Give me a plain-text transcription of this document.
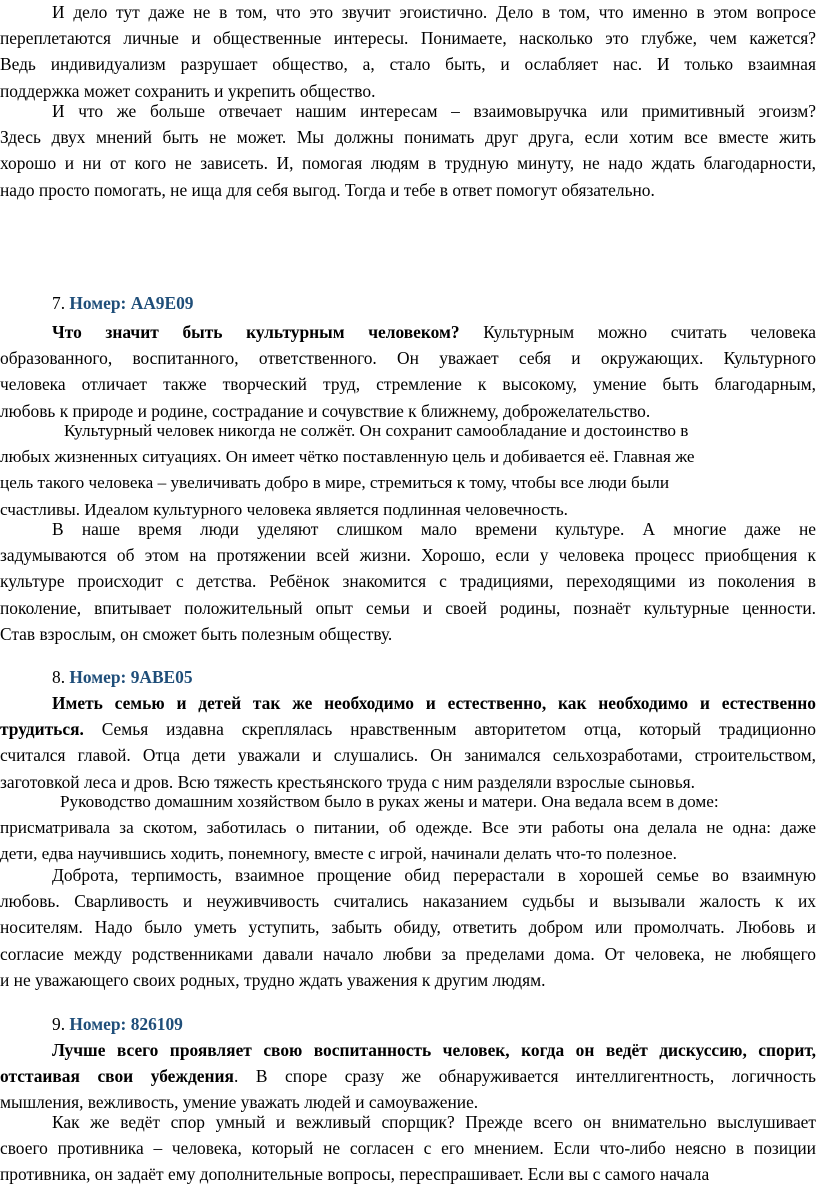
И дело тут даже не в том, что это звучит эгоистично. Дело в том, что именно в этом вопросе
переплетаются личные и общественные интересы. Понимаете, насколько это глубже, чем кажется?
Ведь индивидуализм разрушает общество, а, стало быть, и ослабляет нас. И только взаимная
поддержка может сохранить и укрепить общество.
И что же больше отвечает нашим интересам – взаимовыручка или примитивный эгоизм?
Здесь двух мнений быть не может. Мы должны понимать друг друга, если хотим все вместе жить
хорошо и ни от кого не зависеть. И, помогая людям в трудную минуту, не надо ждать благодарности,
надо просто помогать, не ища для себя выгод. Тогда и тебе в ответ помогут обязательно.
7. Номер: AA9E09
Что значит быть культурным человеком? Культурным можно считать человека
образованного, воспитанного, ответственного. Он уважает себя и окружающих. Культурного
человека отличает также творческий труд, стремление к высокому, умение быть благодарным,
любовь к природе и родине, сострадание и сочувствие к ближнему, доброжелательство.
Культурный человек никогда не солжёт. Он сохранит самообладание и достоинство в
любых жизненных ситуациях. Он имеет чётко поставленную цель и добивается её. Главная же
цель такого человека – увеличивать добро в мире, стремиться к тому, чтобы все люди были
счастливы. Идеалом культурного человека является подлинная человечность.
В наше время люди уделяют слишком мало времени культуре. А многие даже не
задумываются об этом на протяжении всей жизни. Хорошо, если у человека процесс приобщения к
культуре происходит с детства. Ребёнок знакомится с традициями, переходящими из поколения в
поколение, впитывает положительный опыт семьи и своей родины, познаёт культурные ценности.
Став взрослым, он сможет быть полезным обществу.
8. Номер: 9ABE05
Иметь семью и детей так же необходимо и естественно, как необходимо и естественно
трудиться. Семья издавна скреплялась нравственным авторитетом отца, который традиционно
считался главой. Отца дети уважали и слушались. Он занимался сельхозработами, строительством,
заготовкой леса и дров. Всю тяжесть крестьянского труда с ним разделяли взрослые сыновья.
Руководство домашним хозяйством было в руках жены и матери. Она ведала всем в доме:
присматривала за скотом, заботилась о питании, об одежде. Все эти работы она делала не одна: даже
дети, едва научившись ходить, понемногу, вместе с игрой, начинали делать что-то полезное.
Доброта, терпимость, взаимное прощение обид перерастали в хорошей семье во взаимную
любовь. Сварливость и неуживчивость считались наказанием судьбы и вызывали жалость к их
носителям. Надо было уметь уступить, забыть обиду, ответить добром или промолчать. Любовь и
согласие между родственниками давали начало любви за пределами дома. От человека, не любящего
и не уважающего своих родных, трудно ждать уважения к другим людям.
9. Номер: 826109
Лучше всего проявляет свою воспитанность человек, когда он ведёт дискуссию, спорит,
отстаивая свои убеждения. В споре сразу же обнаруживается интеллигентность, логичность
мышления, вежливость, умение уважать людей и самоуважение.
Как же ведёт спор умный и вежливый спорщик? Прежде всего он внимательно выслушивает
своего противника – человека, который не согласен с его мнением. Если что-либо неясно в позиции
противника, он задаёт ему дополнительные вопросы, переспрашивает. Если вы с самого начала
